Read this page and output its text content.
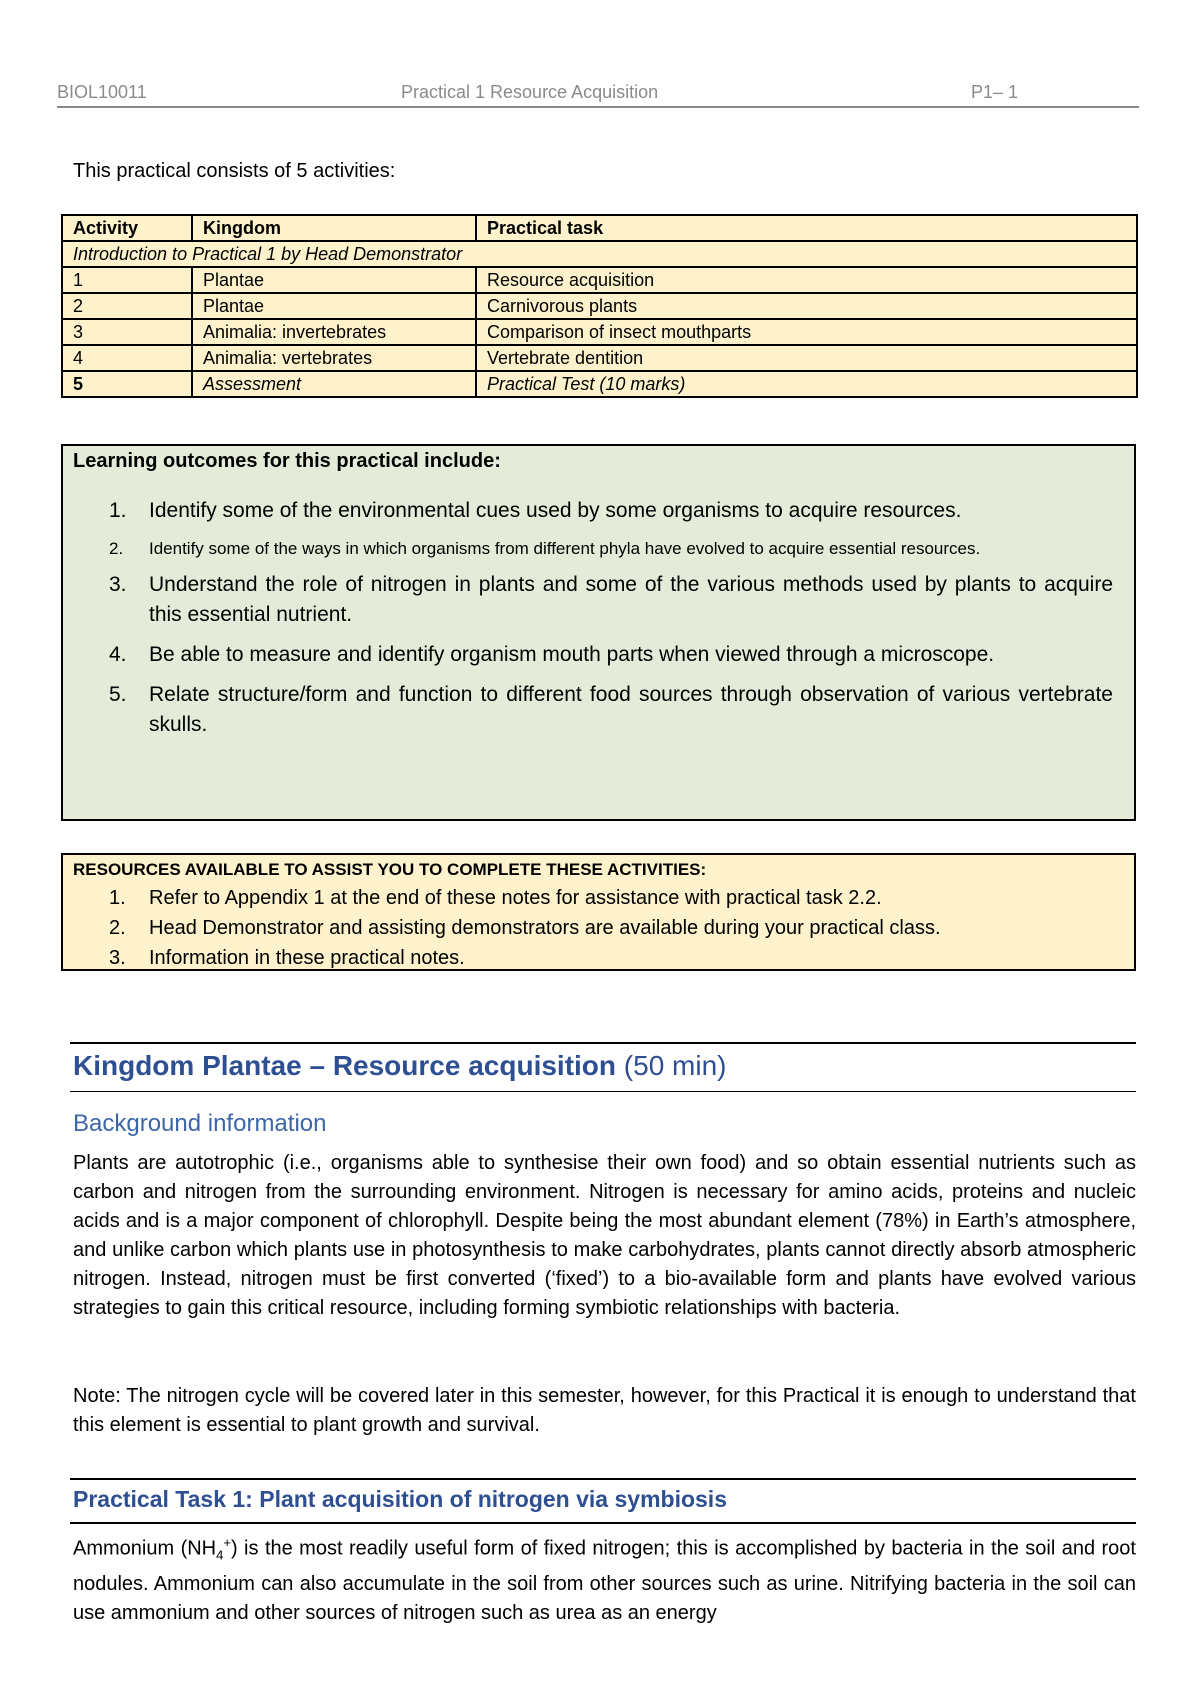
BIOL10011	Practical 1 Resource Acquisition	P1– 1
This practical consists of 5 activities:
Activity	Kingdom	Practical task
Introduction to Practical 1 by Head Demonstrator		
1	Plantae	Resource acquisition
2	Plantae	Carnivorous plants
3	Animalia: invertebrates	Comparison of insect mouthparts
4	Animalia: vertebrates	Vertebrate dentition
5	Assessment	Practical Test (10 marks)
Learning outcomes for this practical include:
1. Identify some of the environmental cues used by some organisms to acquire resources.
2. Identify some of the ways in which organisms from different phyla have evolved to acquire essential resources.
3. Understand the role of nitrogen in plants and some of the various methods used by plants to acquire this essential nutrient.
4. Be able to measure and identify organism mouth parts when viewed through a microscope.
5. Relate structure/form and function to different food sources through observation of various vertebrate skulls.
RESOURCES AVAILABLE TO ASSIST YOU TO COMPLETE THESE ACTIVITIES:
1. Refer to Appendix 1 at the end of these notes for assistance with practical task 2.2.
2. Head Demonstrator and assisting demonstrators are available during your practical class.
3. Information in these practical notes.
Kingdom Plantae – Resource acquisition (50 min)
Background information
Plants are autotrophic (i.e., organisms able to synthesise their own food) and so obtain essential nutrients such as carbon and nitrogen from the surrounding environment. Nitrogen is necessary for amino acids, proteins and nucleic acids and is a major component of chlorophyll. Despite being the most abundant element (78%) in Earth’s atmosphere, and unlike carbon which plants use in photosynthesis to make carbohydrates, plants cannot directly absorb atmospheric nitrogen. Instead, nitrogen must be first converted (‘fixed’) to a bio-available form and plants have evolved various strategies to gain this critical resource, including forming symbiotic relationships with bacteria.
Note: The nitrogen cycle will be covered later in this semester, however, for this Practical it is enough to understand that this element is essential to plant growth and survival.
Practical Task 1: Plant acquisition of nitrogen via symbiosis
Ammonium $(NH_4^+)$ is the most readily useful form of fixed nitrogen; this is accomplished by bacteria in the soil and root nodules. Ammonium can also accumulate in the soil from other sources such as urine. Nitrifying bacteria in the soil can use ammonium and other sources of nitrogen such as urea as an energy
